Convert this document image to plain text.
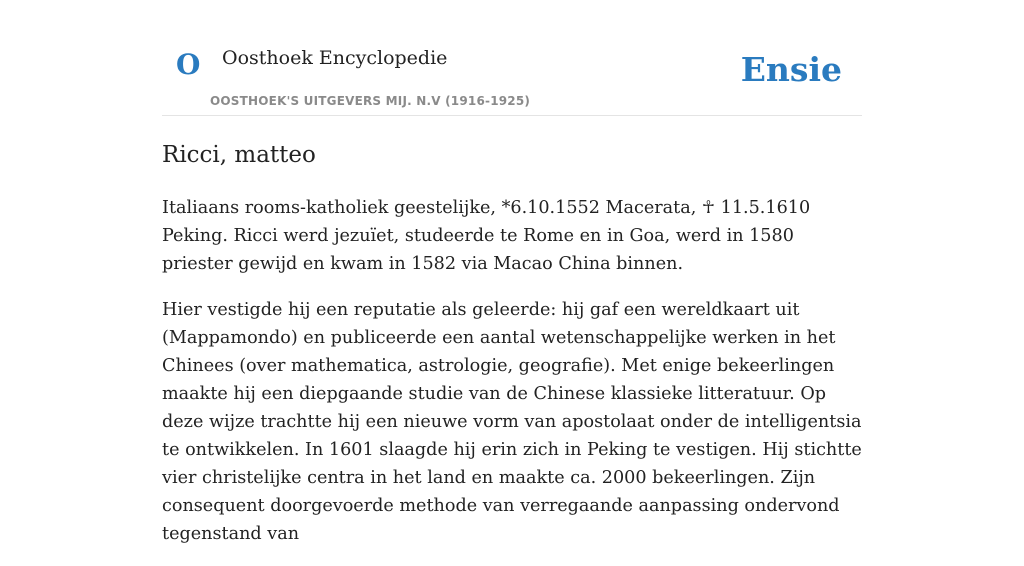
O Oosthoek Encyclopedie
OOSTHOEK'S UITGEVERS MIJ. N.V (1916-1925)
Ensie
Ricci, matteo

Italiaans rooms-katholiek geestelijke, *6.10.1552 Macerata, ☥ 11.5.1610 Peking. Ricci werd jezuïet, studeerde te Rome en in Goa, werd in 1580 priester gewijd en kwam in 1582 via Macao China binnen.

Hier vestigde hij een reputatie als geleerde: hij gaf een wereldkaart uit (Mappamondo) en publiceerde een aantal wetenschappelijke werken in het Chinees (over mathematica, astrologie, geografie). Met enige bekeerlingen maakte hij een diepgaande studie van de Chinese klassieke litteratuur. Op deze wijze trachtte hij een nieuwe vorm van apostolaat onder de intelligentsia te ontwikkelen. In 1601 slaagde hij erin zich in Peking te vestigen. Hij stichtte vier christelijke centra in het land en maakte ca. 2000 bekeerlingen. Zijn consequent doorgevoerde methode van verregaande aanpassing ondervond tegenstand van
